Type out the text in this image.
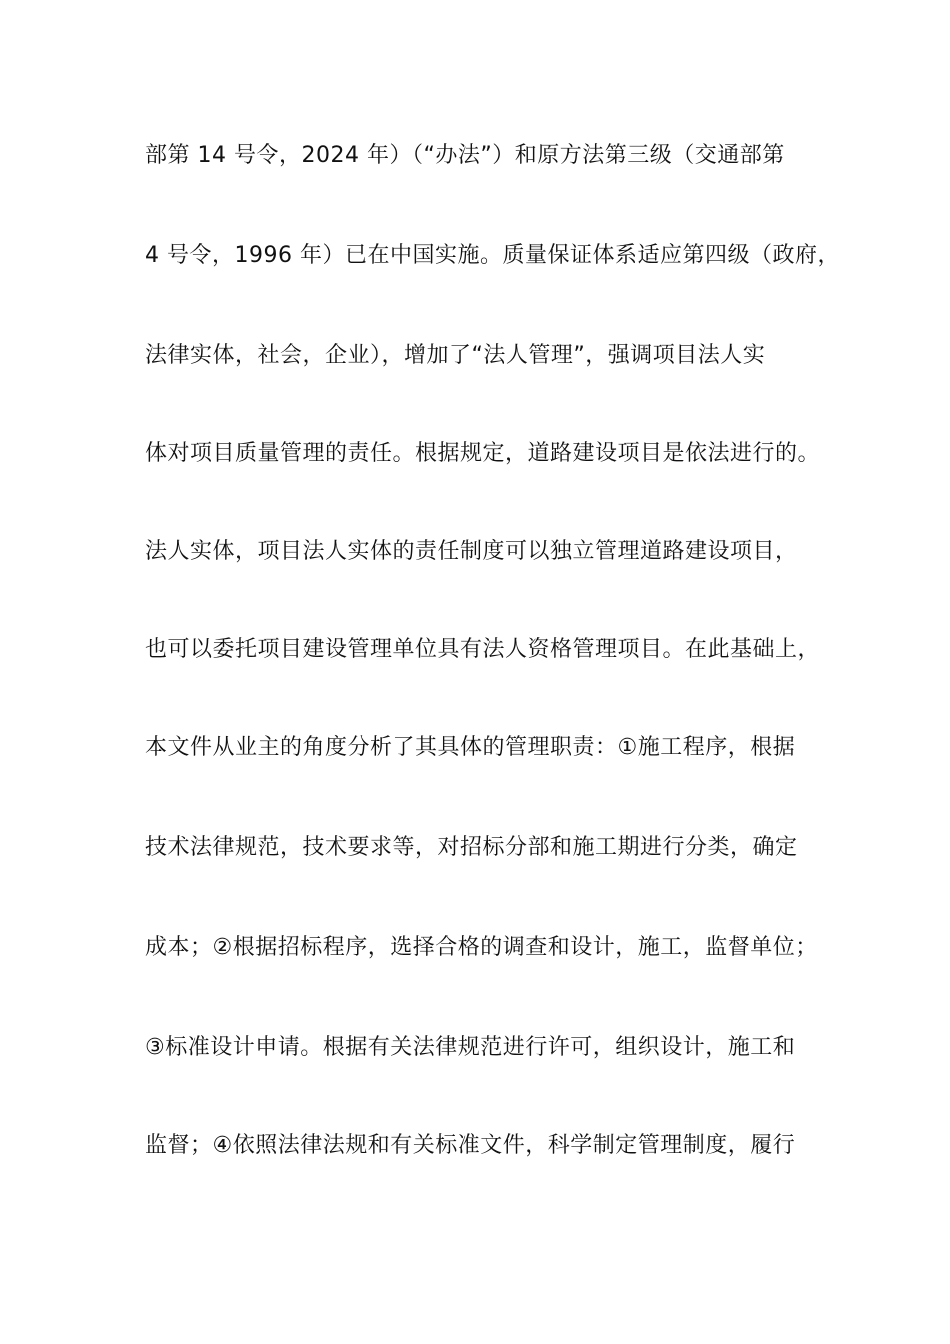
部第 14 号令，2024 年）（“办法”）和原方法第三级（交通部第
4 号令，1996 年）已在中国实施。质量保证体系适应第四级（政府，
法律实体，社会，企业），增加了“法人管理”，强调项目法人实
体对项目质量管理的责任。根据规定，道路建设项目是依法进行的。
法人实体，项目法人实体的责任制度可以独立管理道路建设项目，
也可以委托项目建设管理单位具有法人资格管理项目。在此基础上，
本文件从业主的角度分析了其具体的管理职责：①施工程序，根据
技术法律规范，技术要求等，对招标分部和施工期进行分类，确定
成本；②根据招标程序，选择合格的调查和设计，施工，监督单位；
③标准设计申请。根据有关法律规范进行许可，组织设计，施工和
监督；④依照法律法规和有关标准文件，科学制定管理制度，履行
